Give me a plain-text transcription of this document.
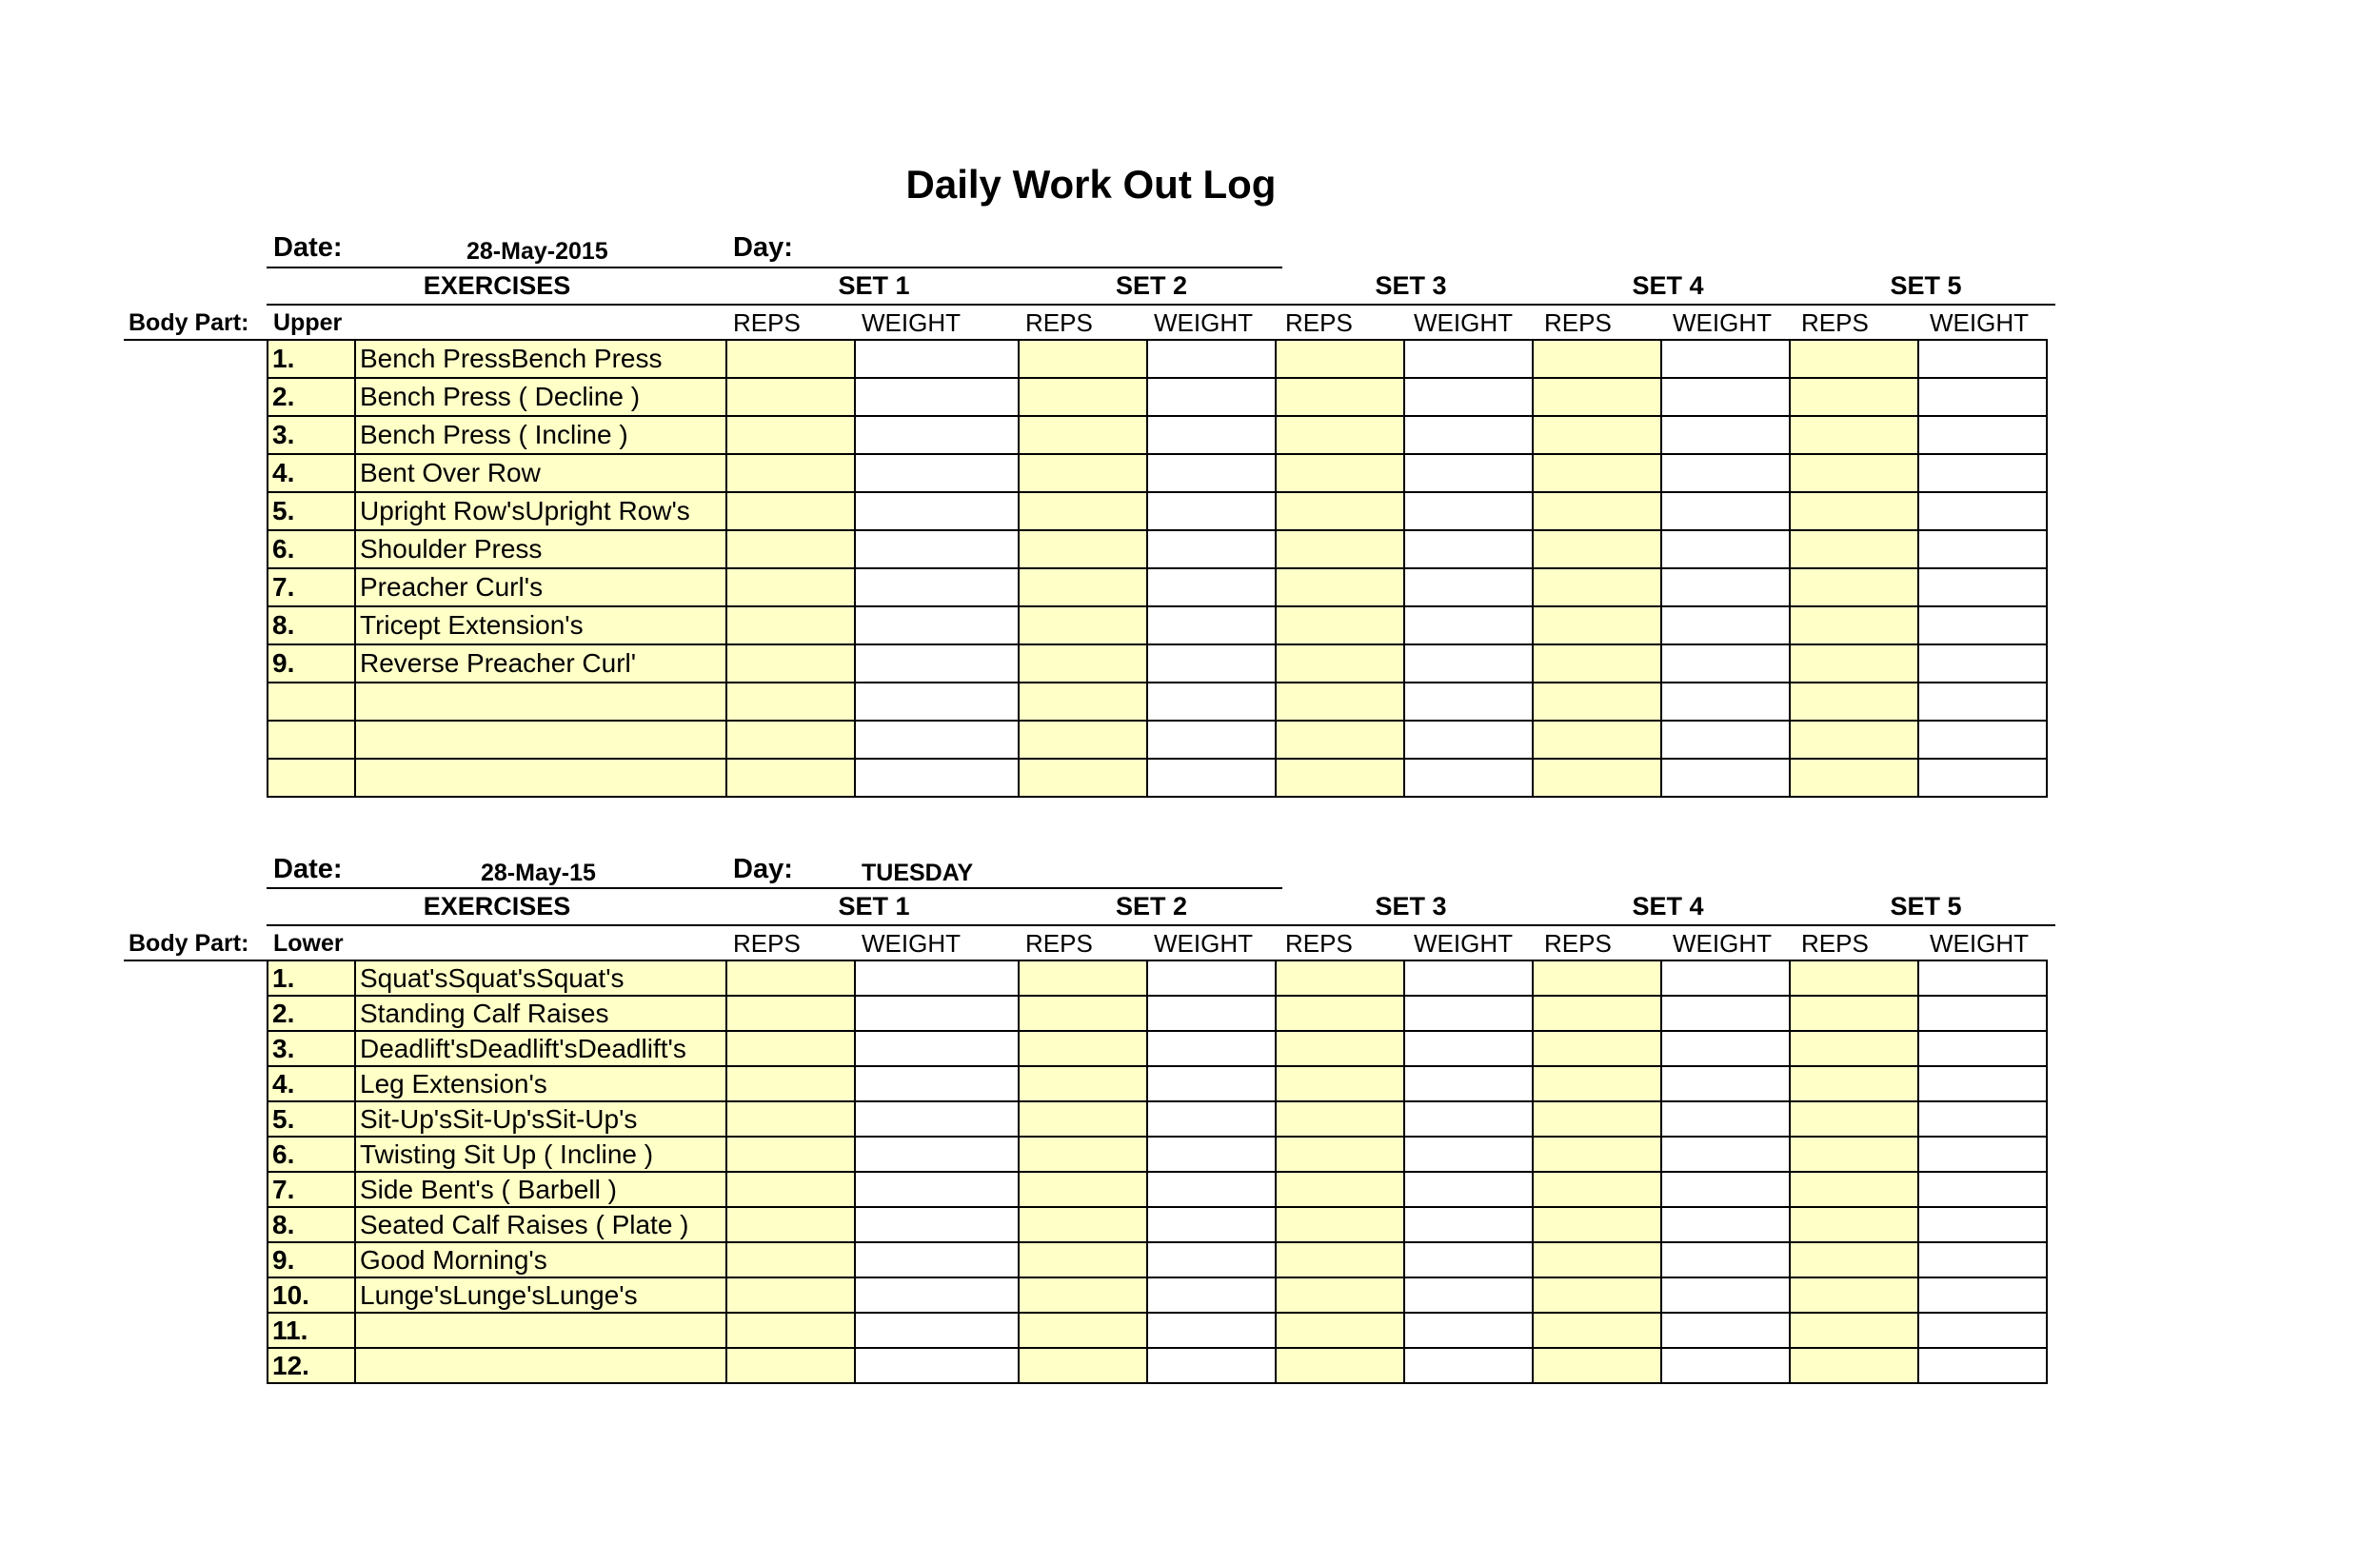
Daily Work Out Log
Date:	28-May-2015	Day:
EXERCISES	SET 1	SET 2	SET 3	SET 4	SET 5
Body Part: Upper	REPS WEIGHT	REPS WEIGHT REPS WEIGHT REPS WEIGHT REPS WEIGHT
1.	Bench PressBench Press										
2.	Bench Press ( Decline )										
3.	Bench Press ( Incline )										
4.	Bent Over Row										
5.	Upright Row'sUpright Row's										
6.	Shoulder Press										
7.	Preacher Curl's										
8.	Tricept Extension's										
9.	Reverse Preacher Curl'										

Date:	28-May-15	Day:	TUESDAY
EXERCISES	SET 1	SET 2	SET 3	SET 4	SET 5
Body Part: Lower	REPS WEIGHT	REPS WEIGHT REPS WEIGHT REPS WEIGHT REPS WEIGHT
1.	Squat'sSquat'sSquat's										
2.	Standing Calf Raises										
3.	Deadlift'sDeadlift'sDeadlift's										
4.	Leg Extension's										
5.	Sit-Up'sSit-Up'sSit-Up's										
6.	Twisting Sit Up ( Incline )										
7.	Side Bent's ( Barbell )										
8.	Seated Calf Raises ( Plate )										
9.	Good Morning's										
10.	Lunge'sLunge'sLunge's										
11.											
12.											
